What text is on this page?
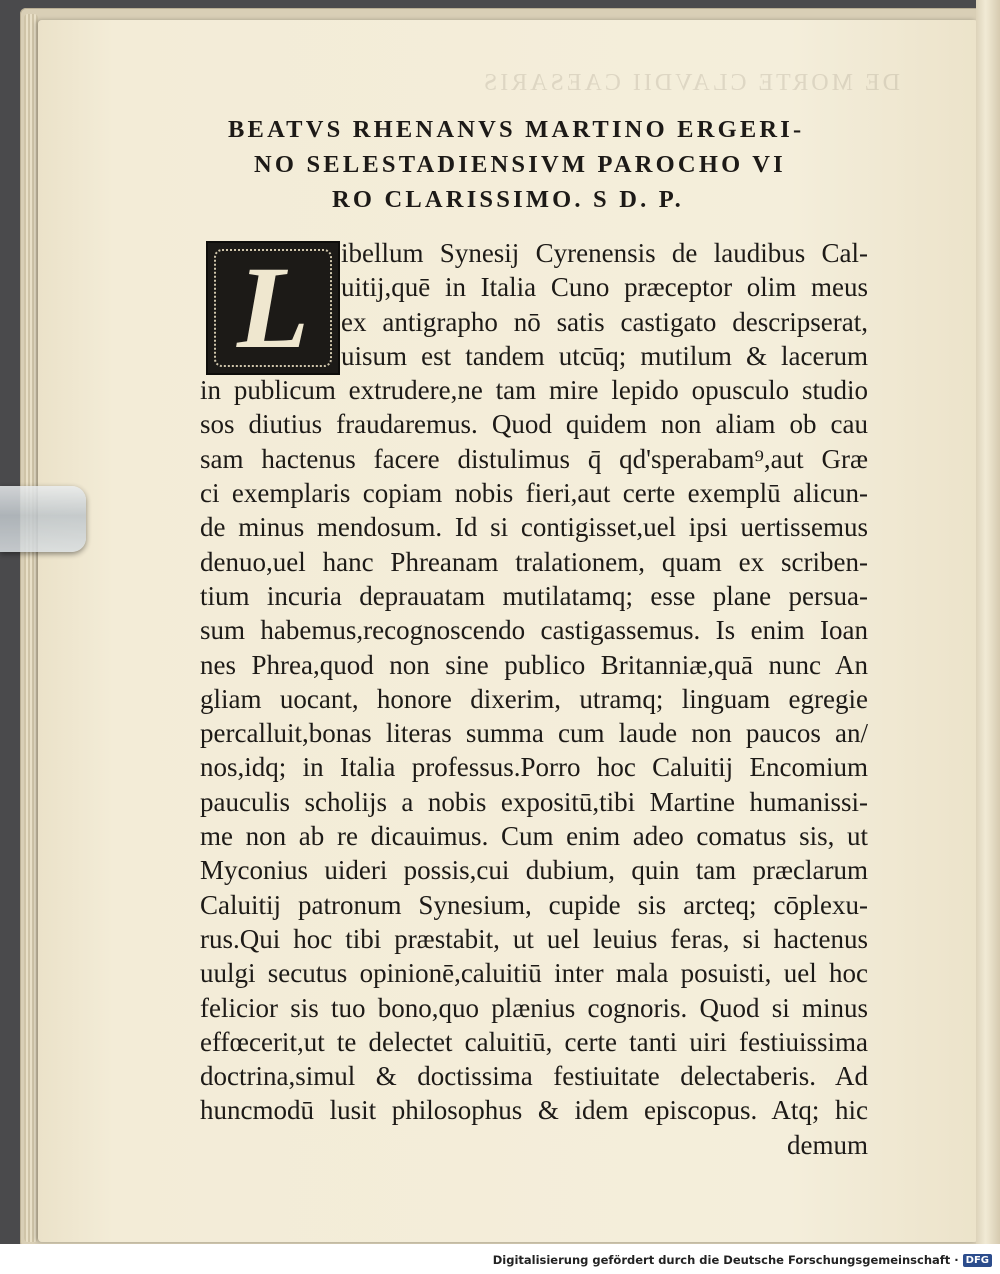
DE MORTE CLAVDII CAESARIS
BEATVS RHENANVS MARTINO ERGERI-
NO SELESTADIENSIVM PAROCHO VI
RO CLARISSIMO. S D. P.
L	ibellum Synesij Cyrenensis de laudibus Cal-
uitij,quē in Italia Cuno præceptor olim meus
ex antigrapho nō satis castigato descripserat,
uisum est tandem utcūq; mutilum & lacerum
in publicum extrudere,ne tam mire lepido opusculo studio
sos diutius fraudaremus. Quod quidem non aliam ob cau
sam hactenus facere distulimus q̄ qd'sperabam⁹,aut Græ
ci exemplaris copiam nobis fieri,aut certe exemplū alicun-
de minus mendosum. Id si contigisset,uel ipsi uertissemus
denuo,uel hanc Phreanam tralationem, quam ex scriben-
tium incuria deprauatam mutilatamq; esse plane persua-
sum habemus,recognoscendo castigassemus. Is enim Ioan
nes Phrea,quod non sine publico Britanniæ,quā nunc An
gliam uocant, honore dixerim, utramq; linguam egregie
percalluit,bonas literas summa cum laude non paucos an/
nos,idq; in Italia professus.Porro hoc Caluitij Encomium
pauculis scholijs a nobis expositū,tibi Martine humanissi-
me non ab re dicauimus. Cum enim adeo comatus sis, ut
Myconius uideri possis,cui dubium, quin tam præclarum
Caluitij patronum Synesium, cupide sis arcteq; cōplexu-
rus.Qui hoc tibi præstabit, ut uel leuius feras, si hactenus
uulgi secutus opinionē,caluitiū inter mala posuisti, uel hoc
felicior sis tuo bono,quo plænius cognoris. Quod si minus
effœcerit,ut te delectet caluitiū, certe tanti uiri festiuissima
doctrina,simul & doctissima festiuitate delectaberis. Ad
huncmodū lusit philosophus & idem episcopus. Atq; hic
demum
Digitalisierung gefördert durch die Deutsche Forschungsgemeinschaft · DFG
